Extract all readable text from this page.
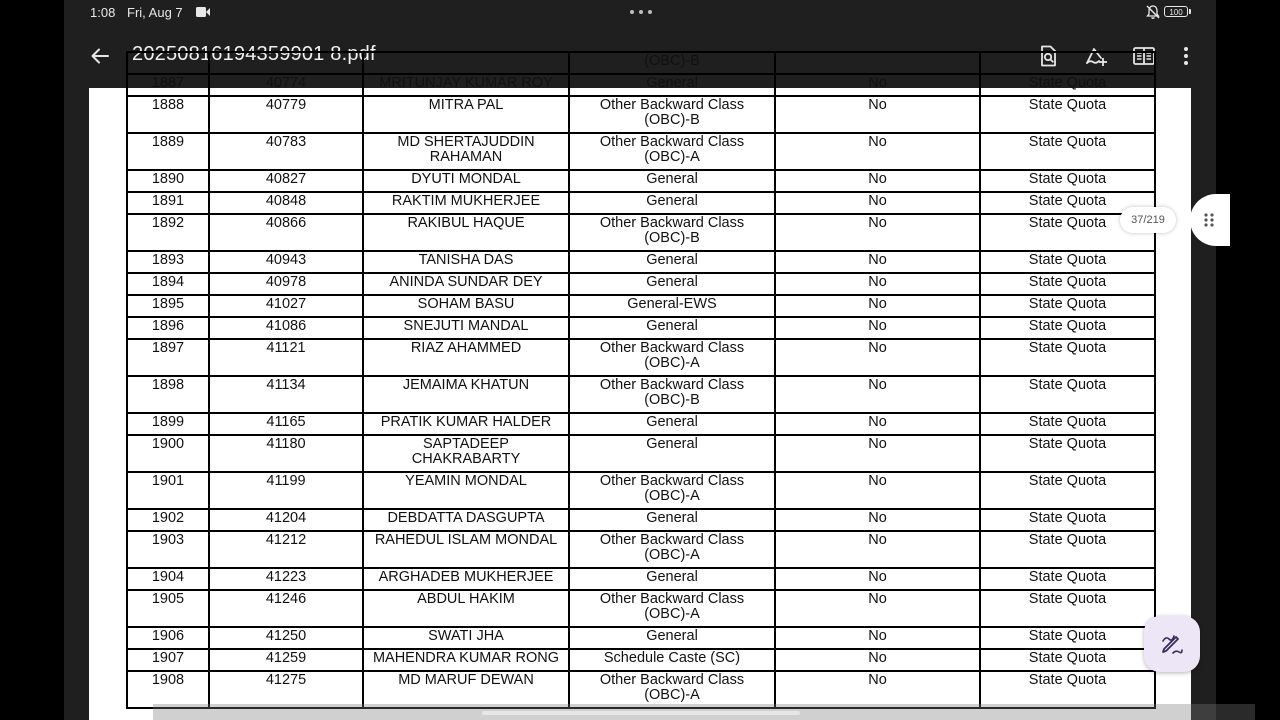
1:08 Fri, Aug 7	100
20250816194359901 8.pdf
				(OBC)-B		
1887	40774	MRITUNJAY KUMAR ROY	General	No	State Quota
1888	40779	MITRA PAL	Other Backward Class
(OBC)-B	No	State Quota
1889	40783	MD SHERTAJUDDIN
RAHAMAN	Other Backward Class
(OBC)-A	No	State Quota
1890	40827	DYUTI MONDAL	General	No	State Quota
1891	40848	RAKTIM MUKHERJEE	General	No	State Quota
1892	40866	RAKIBUL HAQUE	Other Backward Class
(OBC)-B	No	State Quota
1893	40943	TANISHA DAS	General	No	State Quota
1894	40978	ANINDA SUNDAR DEY	General	No	State Quota
1895	41027	SOHAM BASU	General-EWS	No	State Quota
1896	41086	SNEJUTI MANDAL	General	No	State Quota
1897	41121	RIAZ AHAMMED	Other Backward Class
(OBC)-A	No	State Quota
1898	41134	JEMAIMA KHATUN	Other Backward Class
(OBC)-B	No	State Quota
1899	41165	PRATIK KUMAR HALDER	General	No	State Quota
1900	41180	SAPTADEEP
CHAKRABARTY	General	No	State Quota
1901	41199	YEAMIN MONDAL	Other Backward Class
(OBC)-A	No	State Quota
1902	41204	DEBDATTA DASGUPTA	General	No	State Quota
1903	41212	RAHEDUL ISLAM MONDAL	Other Backward Class
(OBC)-A	No	State Quota
1904	41223	ARGHADEB MUKHERJEE	General	No	State Quota
1905	41246	ABDUL HAKIM	Other Backward Class
(OBC)-A	No	State Quota
1906	41250	SWATI JHA	General	No	State Quota
1907	41259	MAHENDRA KUMAR RONG	Schedule Caste (SC)	No	State Quota
1908	41275	MD MARUF DEWAN	Other Backward Class
(OBC)-A	No	State Quota
37/219
